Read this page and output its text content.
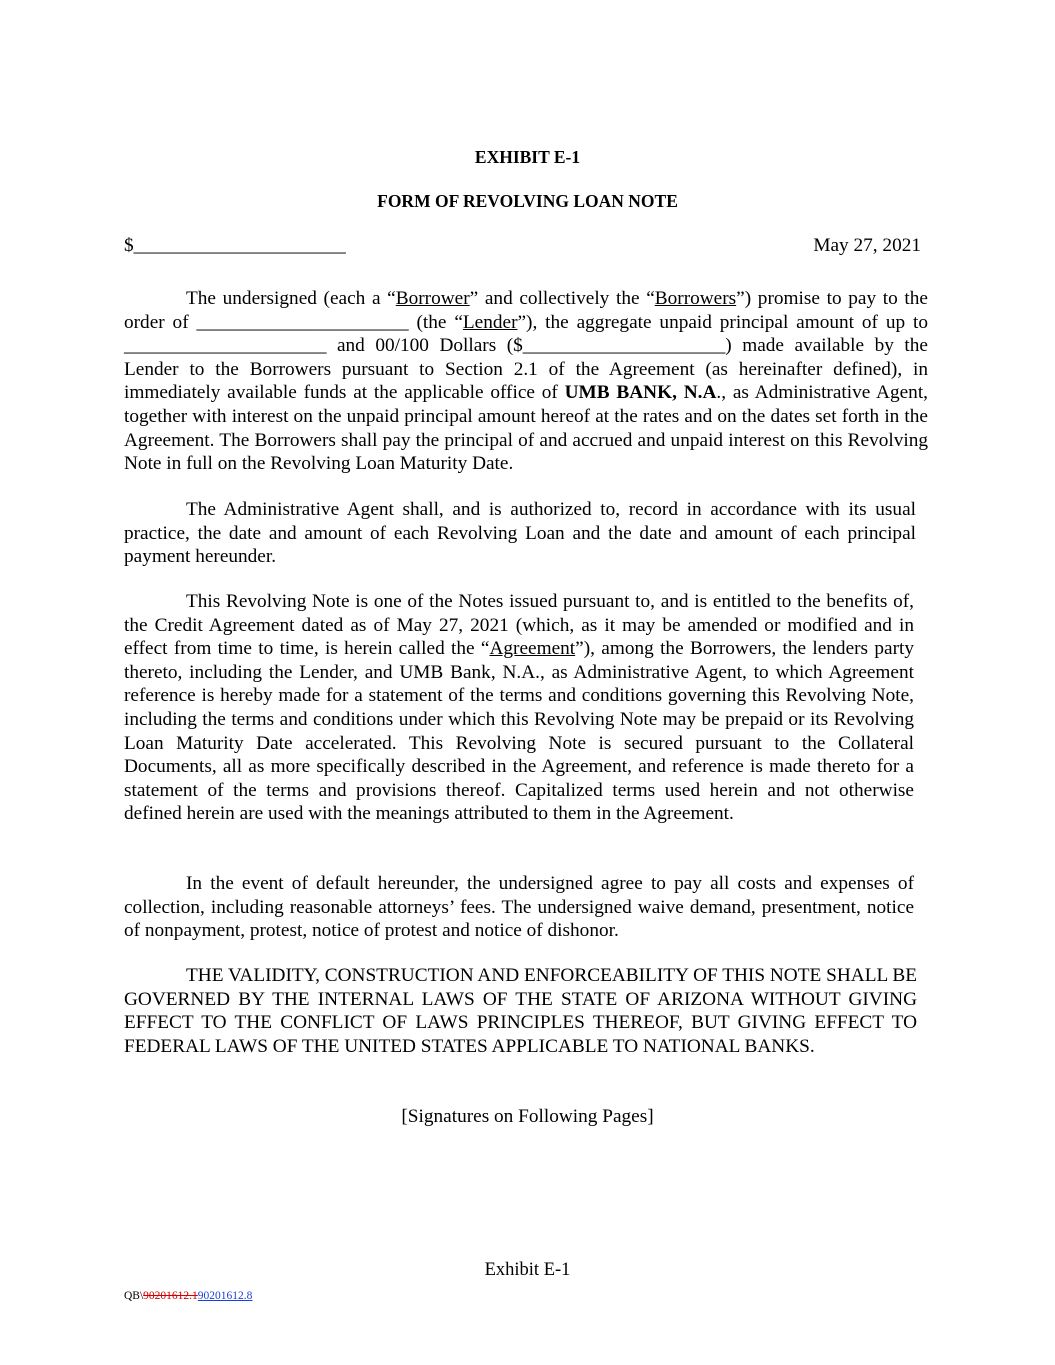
EXHIBIT E-1
FORM OF REVOLVING LOAN NOTE
$______________________	May 27, 2021

The undersigned (each a “Borrower” and collectively the “Borrowers”) promise to pay to the order of ______________________ (the “Lender”), the aggregate unpaid principal amount of up to _____________________ and 00/100 Dollars ($_____________________) made available by the Lender to the Borrowers pursuant to Section 2.1 of the Agreement (as hereinafter defined), in immediately available funds at the applicable office of UMB BANK, N.A., as Administrative Agent, together with interest on the unpaid principal amount hereof at the rates and on the dates set forth in the Agreement. The Borrowers shall pay the principal of and accrued and unpaid interest on this Revolving Note in full on the Revolving Loan Maturity Date.

The Administrative Agent shall, and is authorized to, record in accordance with its usual practice, the date and amount of each Revolving Loan and the date and amount of each principal payment hereunder.

This Revolving Note is one of the Notes issued pursuant to, and is entitled to the benefits of, the Credit Agreement dated as of May 27, 2021 (which, as it may be amended or modified and in effect from time to time, is herein called the “Agreement”), among the Borrowers, the lenders party thereto, including the Lender, and UMB Bank, N.A., as Administrative Agent, to which Agreement reference is hereby made for a statement of the terms and conditions governing this Revolving Note, including the terms and conditions under which this Revolving Note may be prepaid or its Revolving Loan Maturity Date accelerated. This Revolving Note is secured pursuant to the Collateral Documents, all as more specifically described in the Agreement, and reference is made thereto for a statement of the terms and provisions thereof. Capitalized terms used herein and not otherwise defined herein are used with the meanings attributed to them in the Agreement.

In the event of default hereunder, the undersigned agree to pay all costs and expenses of collection, including reasonable attorneys’ fees. The undersigned waive demand, presentment, notice of nonpayment, protest, notice of protest and notice of dishonor.

THE VALIDITY, CONSTRUCTION AND ENFORCEABILITY OF THIS NOTE SHALL BE GOVERNED BY THE INTERNAL LAWS OF THE STATE OF ARIZONA WITHOUT GIVING EFFECT TO THE CONFLICT OF LAWS PRINCIPLES THEREOF, BUT GIVING EFFECT TO FEDERAL LAWS OF THE UNITED STATES APPLICABLE TO NATIONAL BANKS.

[Signatures on Following Pages]
Exhibit E-1
QB\90201612.190201612.8
